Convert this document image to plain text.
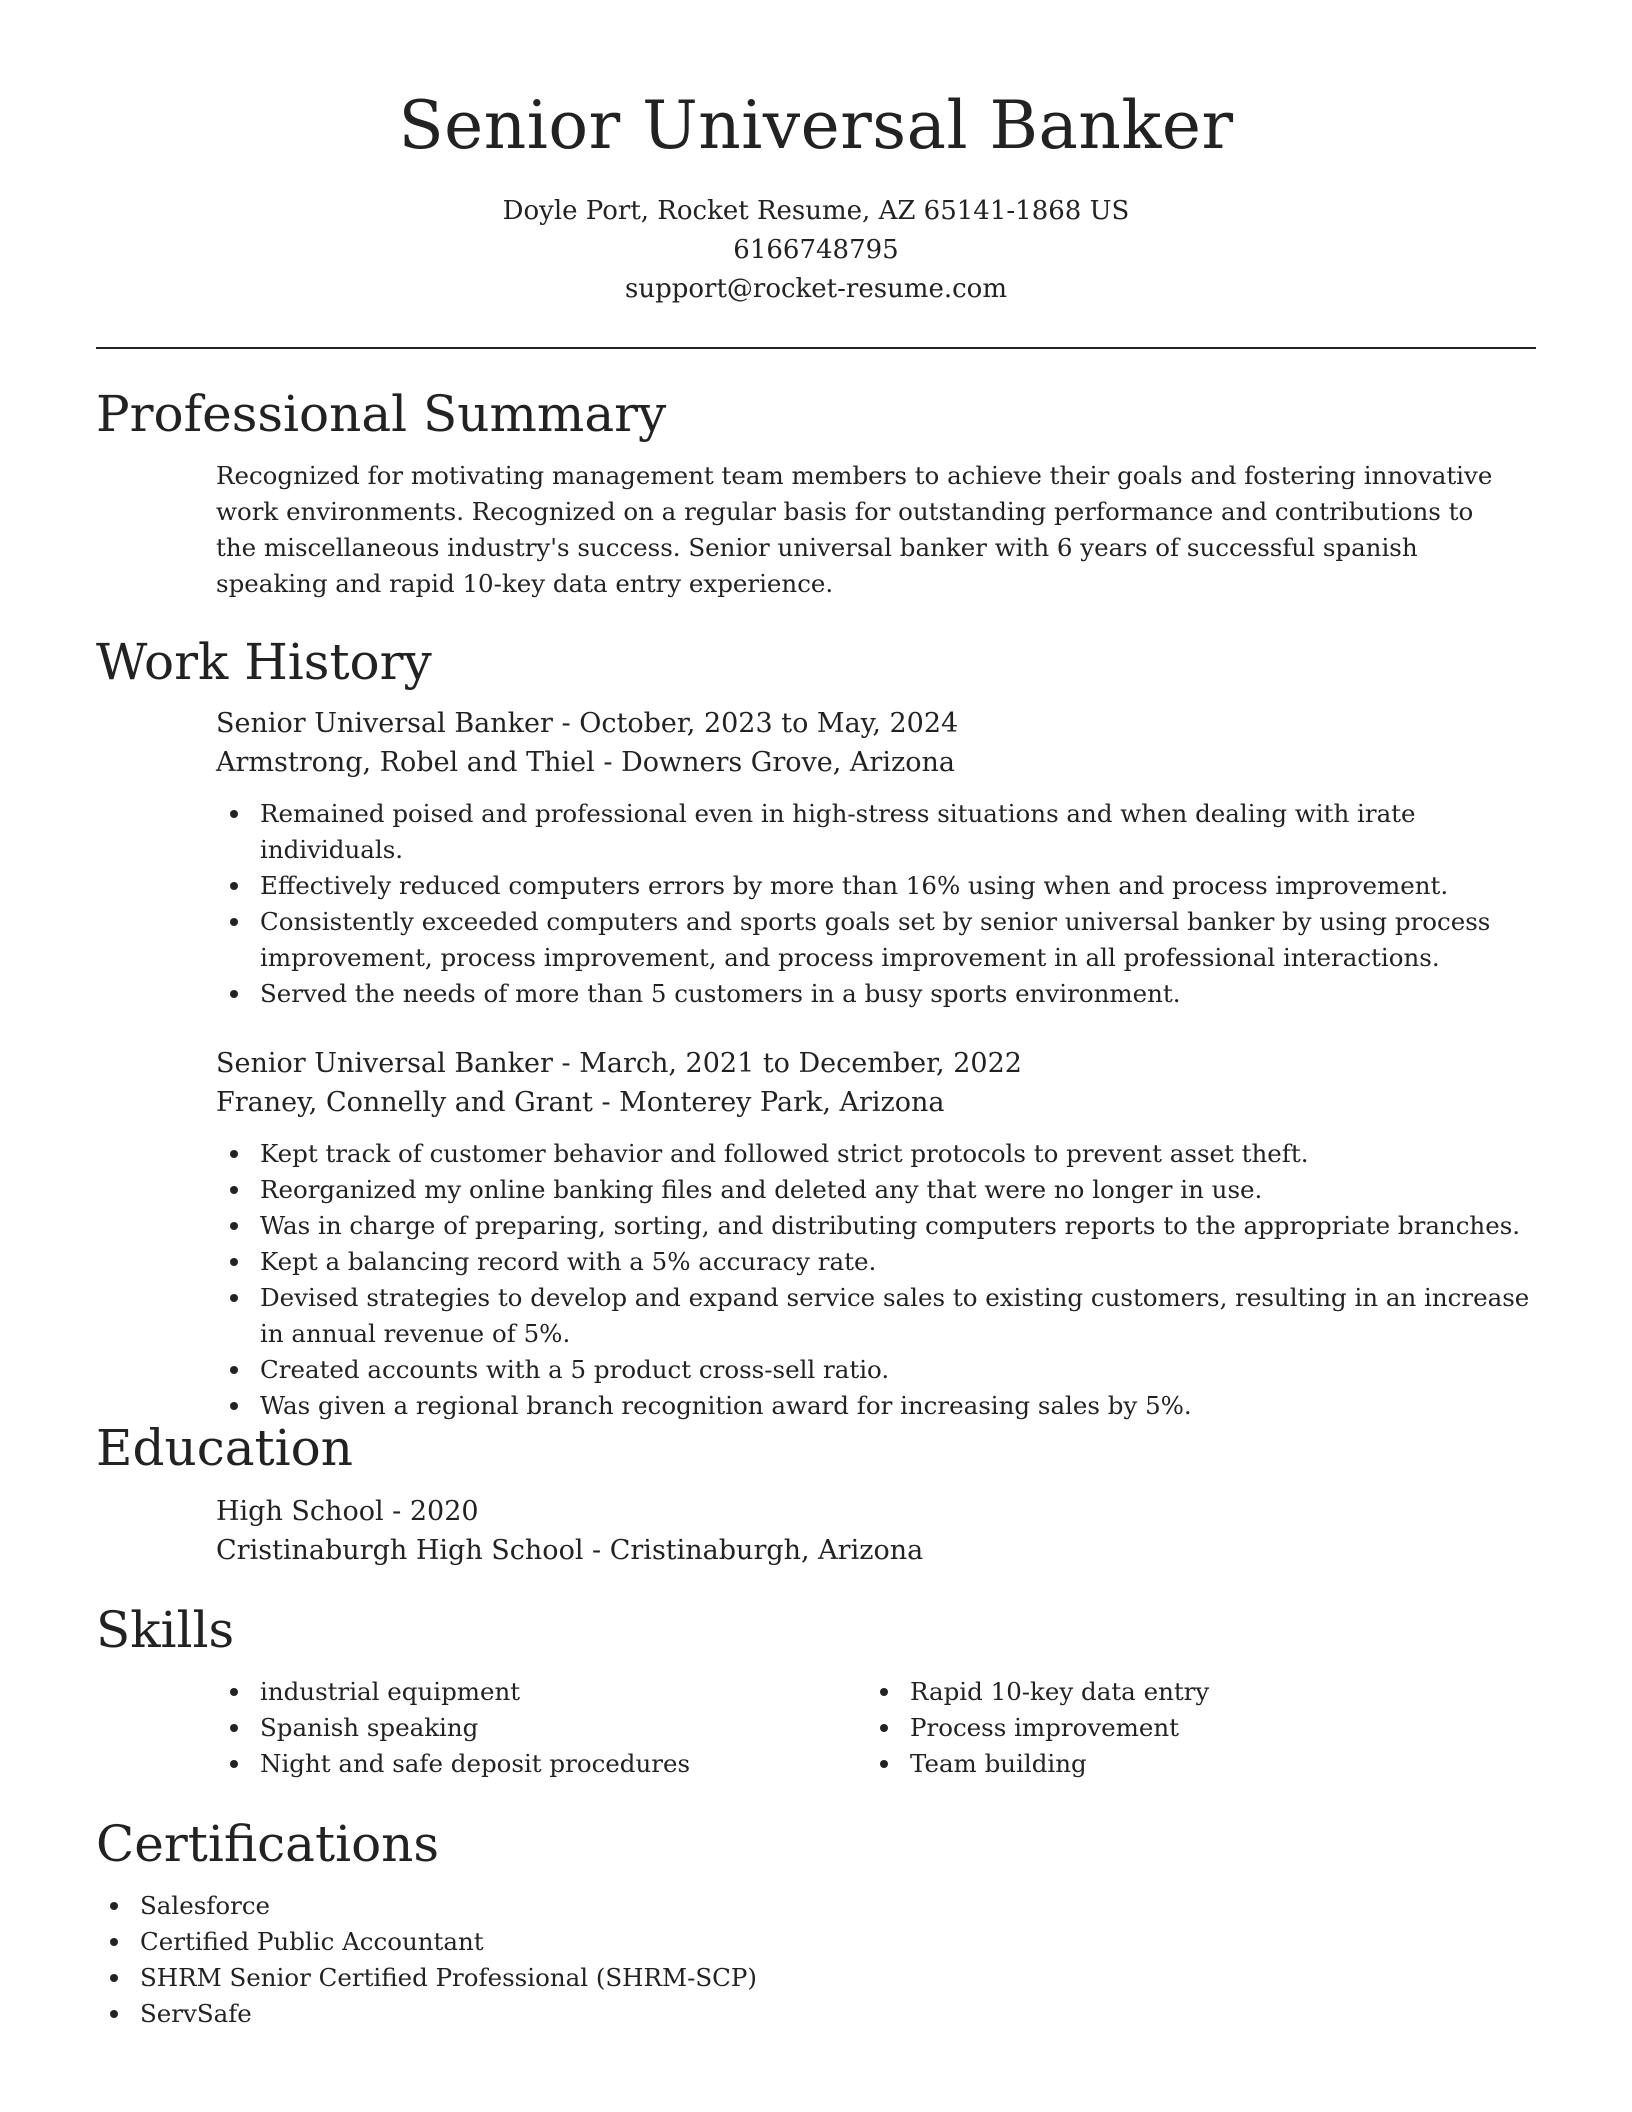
Senior Universal Banker
Doyle Port, Rocket Resume, AZ 65141-1868 US
6166748795
support@rocket-resume.com
Professional Summary
Recognized for motivating management team members to achieve their goals and fostering innovative work environments. Recognized on a regular basis for outstanding performance and contributions to the miscellaneous industry's success. Senior universal banker with 6 years of successful spanish speaking and rapid 10-key data entry experience.
Work History
Senior Universal Banker - October, 2023 to May, 2024
Armstrong, Robel and Thiel - Downers Grove, Arizona
Remained poised and professional even in high-stress situations and when dealing with irate individuals.
Effectively reduced computers errors by more than 16% using when and process improvement.
Consistently exceeded computers and sports goals set by senior universal banker by using process improvement, process improvement, and process improvement in all professional interactions.
Served the needs of more than 5 customers in a busy sports environment.
Senior Universal Banker - March, 2021 to December, 2022
Franey, Connelly and Grant - Monterey Park, Arizona
Kept track of customer behavior and followed strict protocols to prevent asset theft.
Reorganized my online banking files and deleted any that were no longer in use.
Was in charge of preparing, sorting, and distributing computers reports to the appropriate branches.
Kept a balancing record with a 5% accuracy rate.
Devised strategies to develop and expand service sales to existing customers, resulting in an increase in annual revenue of 5%.
Created accounts with a 5 product cross-sell ratio.
Was given a regional branch recognition award for increasing sales by 5%.
Education
High School - 2020
Cristinaburgh High School - Cristinaburgh, Arizona
Skills
industrial equipment
Spanish speaking
Night and safe deposit procedures
Rapid 10-key data entry
Process improvement
Team building
Certifications
Salesforce
Certified Public Accountant
SHRM Senior Certified Professional (SHRM-SCP)
ServSafe
